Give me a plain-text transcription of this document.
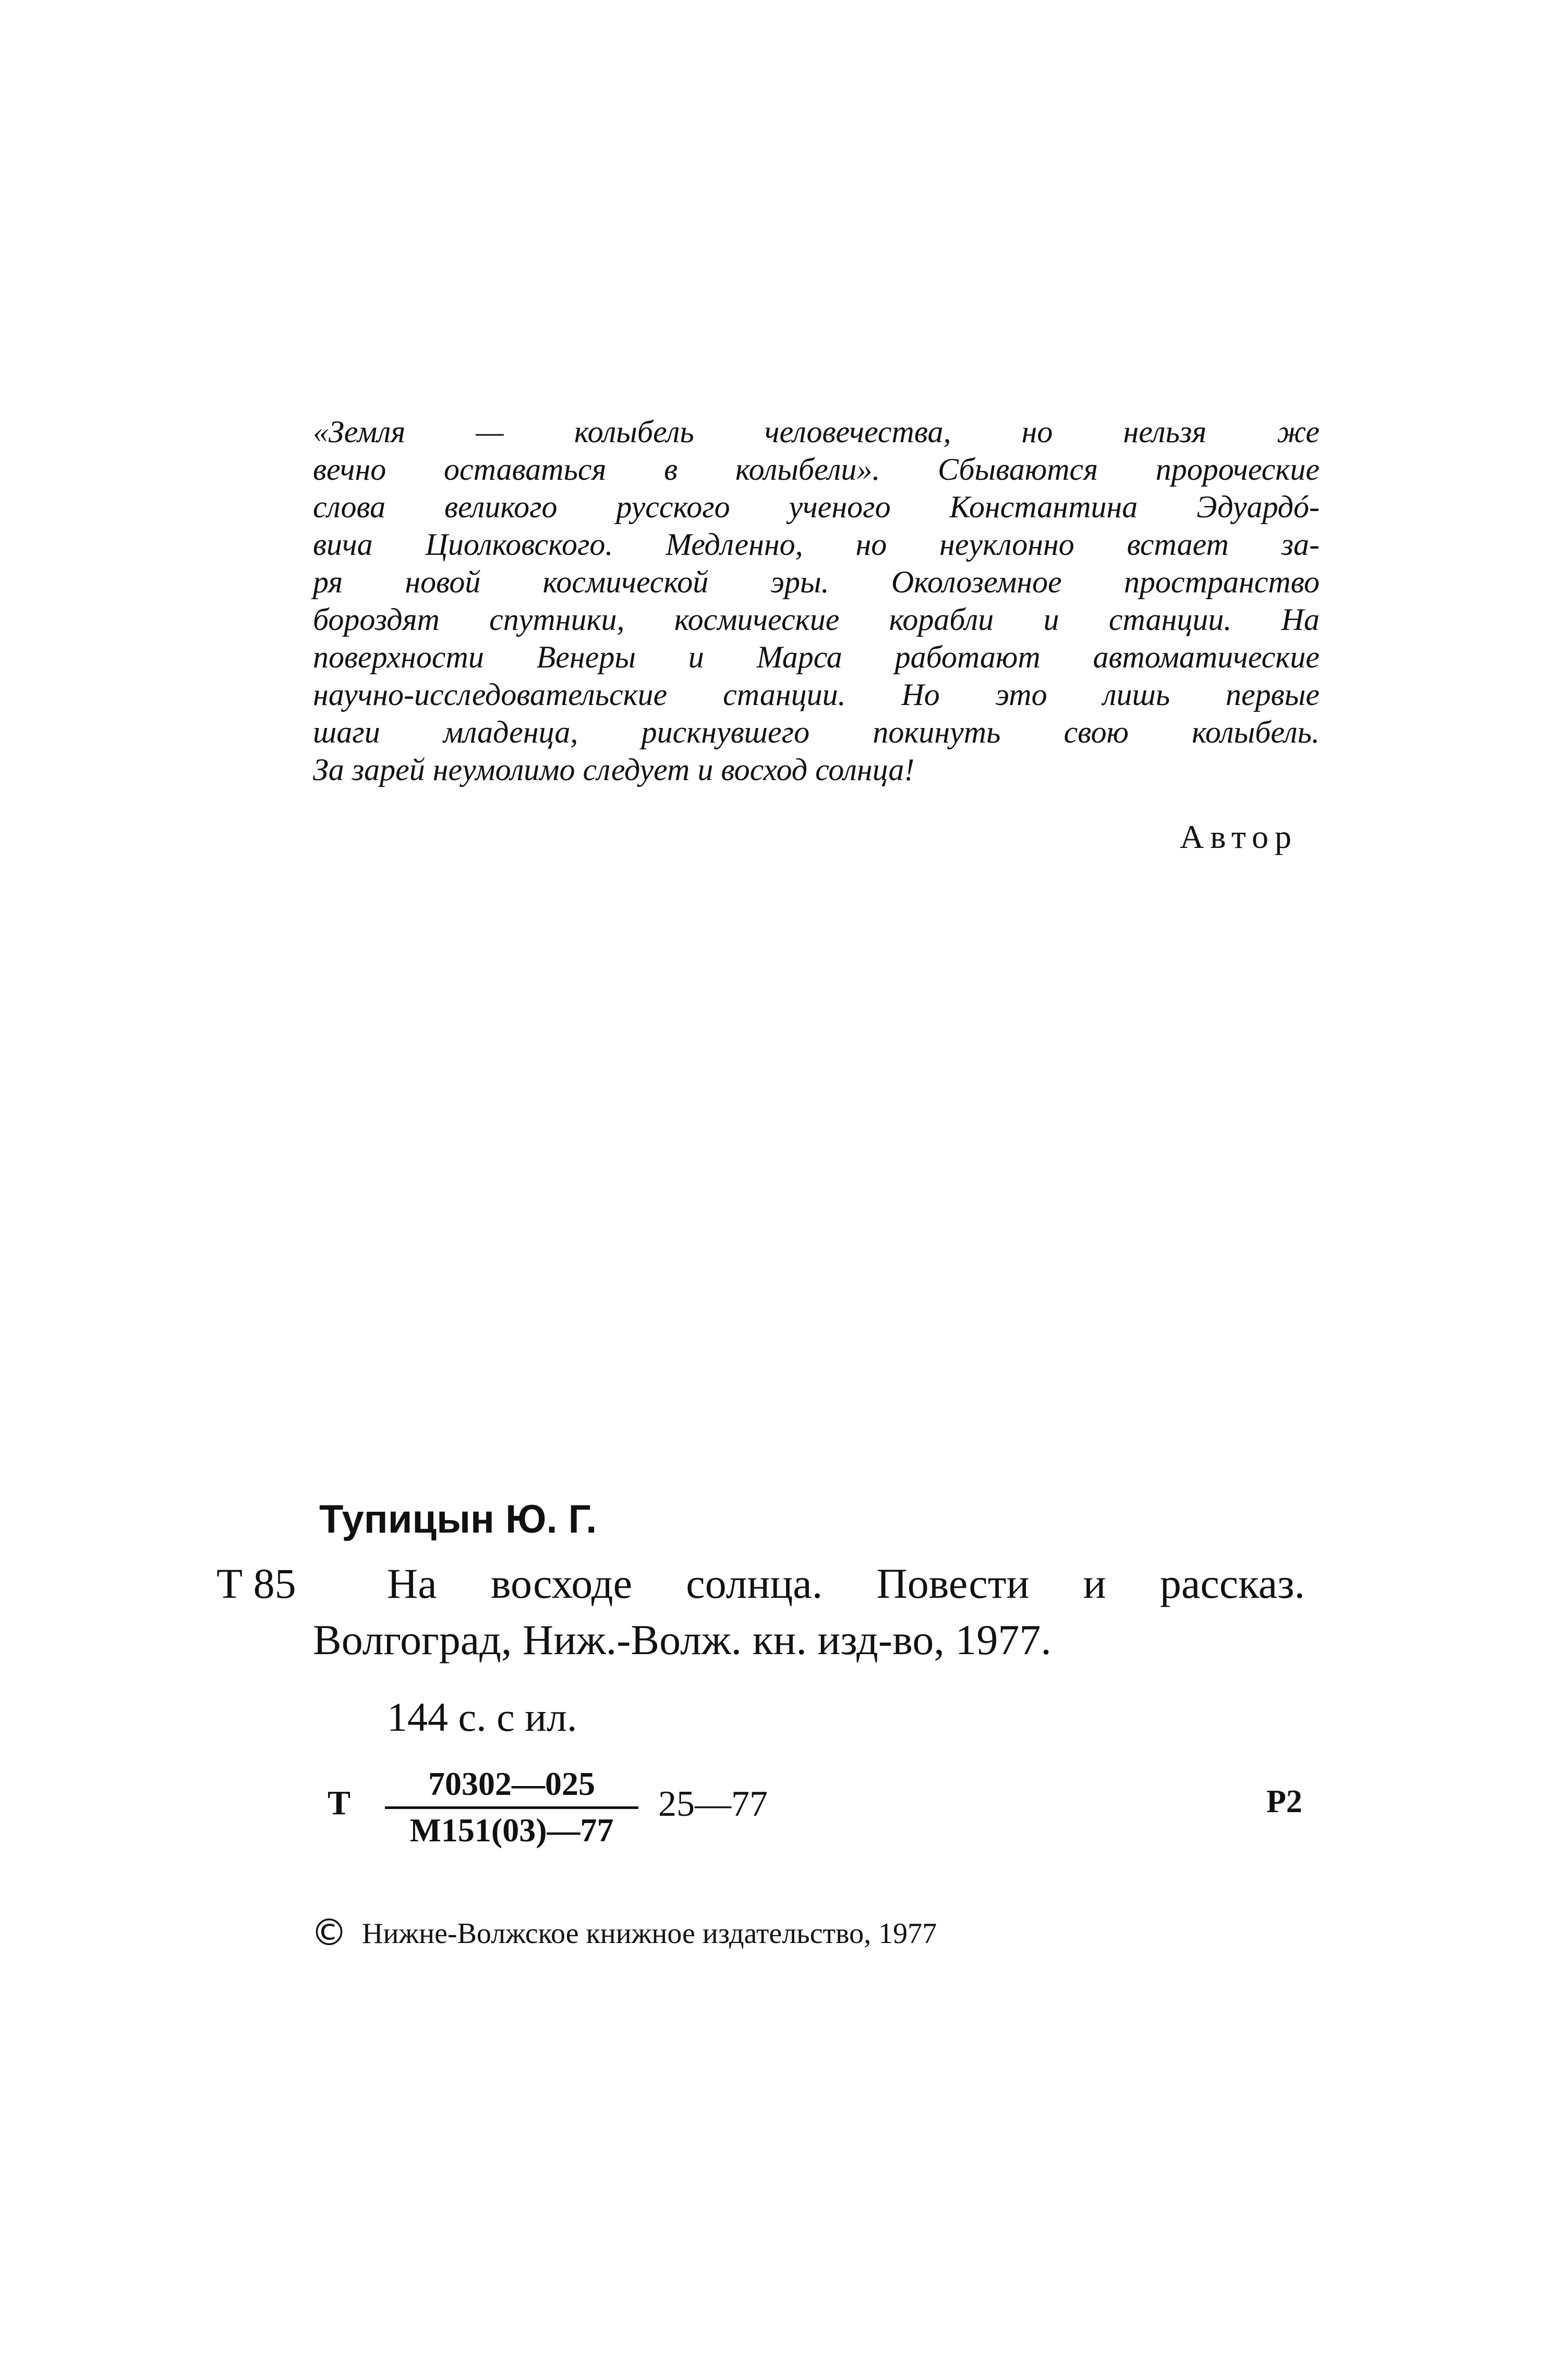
«Земля — колыбель человечества, но нельзя же
вечно оставаться в колыбели». Сбываются пророческие
слова великого русского ученого Константина Эдуардó-
вича Циолковского. Медленно, но неуклонно встает за-
ря новой космической эры. Околоземное пространство
бороздят спутники, космические корабли и станции. На
поверхности Венеры и Марса работают автоматические
научно-исследовательские станции. Но это лишь первые
шаги младенца, рискнувшего покинуть свою колыбель.
За зарей неумолимо следует и восход солнца!
Автор
Тупицын Ю. Г.
Т 85 На восходе солнца. Повести и рассказ.
Волгоград, Ниж.-Волж. кн. изд-во, 1977.
144 с. с ил.
Т
70302—025
М151(03)—77
25—77	Р2
© Нижне-Волжское книжное издательство, 1977
